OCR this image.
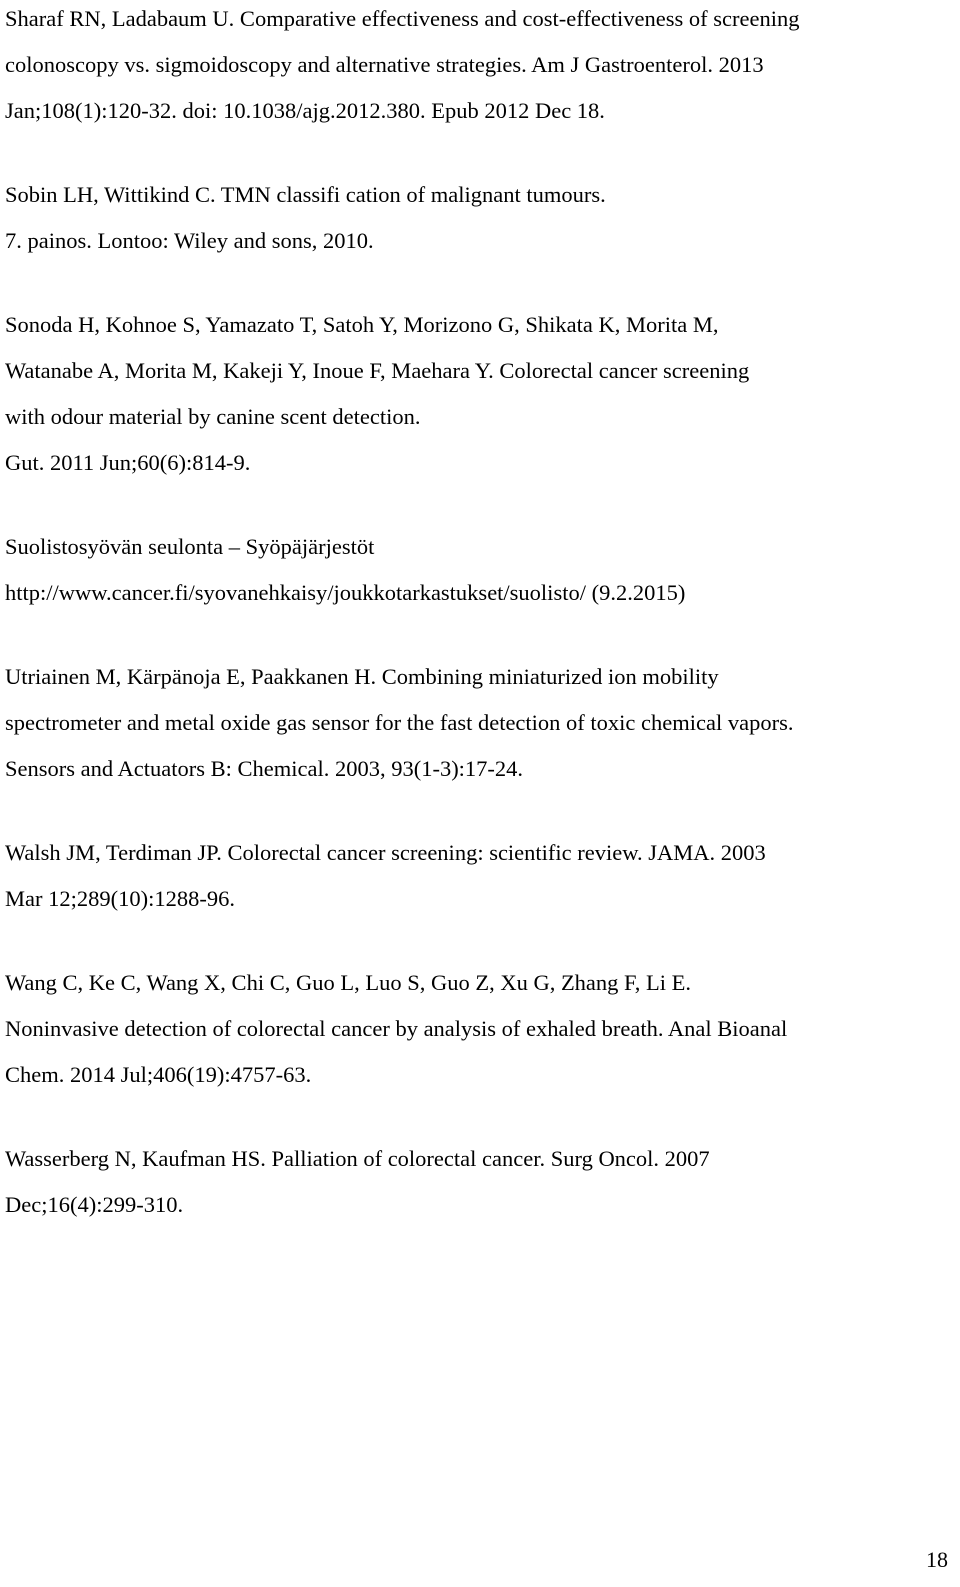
Sharaf RN, Ladabaum U. Comparative effectiveness and cost-effectiveness of screening
colonoscopy vs. sigmoidoscopy and alternative strategies. Am J Gastroenterol. 2013
Jan;108(1):120-32. doi: 10.1038/ajg.2012.380. Epub 2012 Dec 18.

Sobin LH, Wittikind C. TMN classifi cation of malignant tumours.
7. painos. Lontoo: Wiley and sons, 2010.

Sonoda H, Kohnoe S, Yamazato T, Satoh Y, Morizono G, Shikata K, Morita M,
Watanabe A, Morita M, Kakeji Y, Inoue F, Maehara Y. Colorectal cancer screening
with odour material by canine scent detection.
Gut. 2011 Jun;60(6):814-9.

Suolistosyövän seulonta – Syöpäjärjestöt
http://www.cancer.fi/syovanehkaisy/joukkotarkastukset/suolisto/ (9.2.2015)

Utriainen M, Kärpänoja E, Paakkanen H. Combining miniaturized ion mobility
spectrometer and metal oxide gas sensor for the fast detection of toxic chemical vapors.
Sensors and Actuators B: Chemical. 2003, 93(1-3):17-24.

Walsh JM, Terdiman JP. Colorectal cancer screening: scientific review. JAMA. 2003
Mar 12;289(10):1288-96.

Wang C, Ke C, Wang X, Chi C, Guo L, Luo S, Guo Z, Xu G, Zhang F, Li E.
Noninvasive detection of colorectal cancer by analysis of exhaled breath. Anal Bioanal
Chem. 2014 Jul;406(19):4757-63.

Wasserberg N, Kaufman HS. Palliation of colorectal cancer. Surg Oncol. 2007
Dec;16(4):299-310.

18
